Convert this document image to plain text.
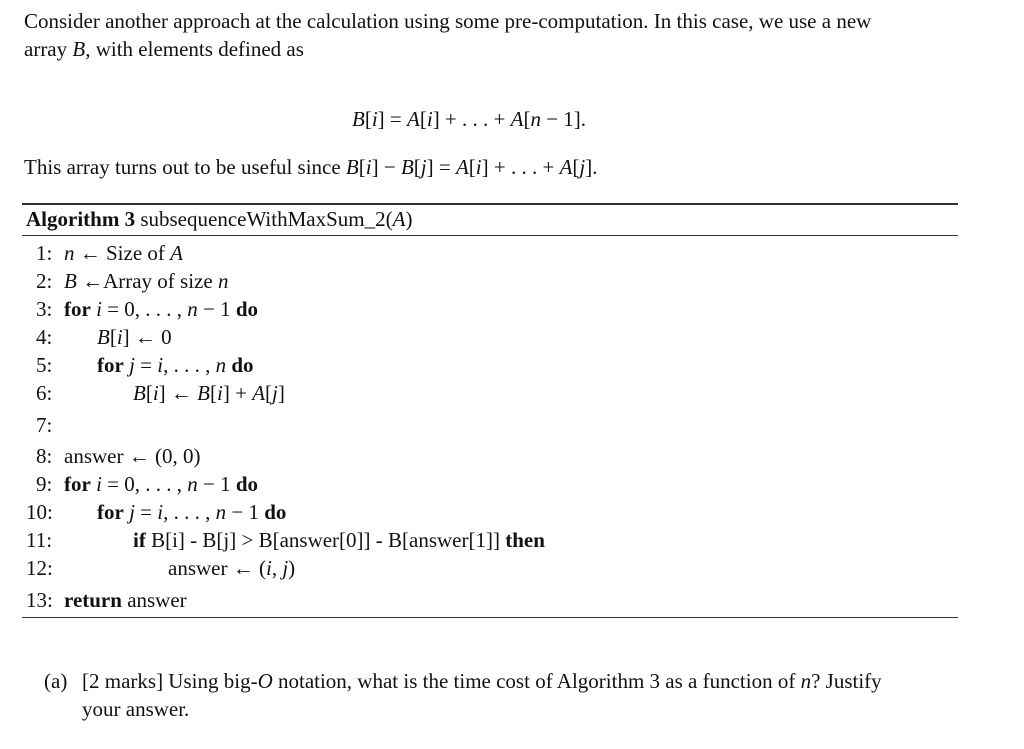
Consider another approach at the calculation using some pre-computation. In this case, we use a new
array B, with elements defined as
B[i] = A[i] + . . . + A[n − 1].
This array turns out to be useful since B[i] − B[j] = A[i] + . . . + A[j].
Algorithm 3 subsequenceWithMaxSum_2(A)
1: n ← Size of A
2: B ←Array of size n
3: for i = 0, . . . , n − 1 do
4: B[i] ← 0
5: for j = i, . . . , n do
6:	B[i] ← B[i] + A[j]
7:
8: answer ← (0, 0)
9: for i = 0, . . . , n − 1 do
10: for j = i, . . . , n − 1 do
11:	if B[i] - B[j] > B[answer[0]] - B[answer[1]] then
12:	answer ← (i, j)
13: return answer
(a) [2 marks] Using big-O notation, what is the time cost of Algorithm 3 as a function of n? Justify
your answer.
